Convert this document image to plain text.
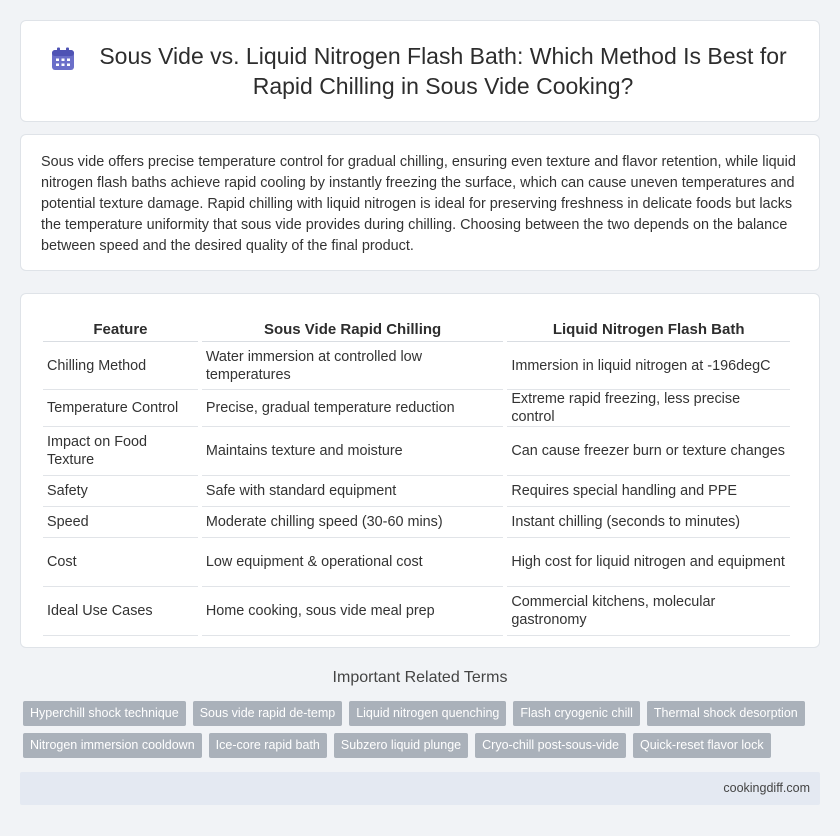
Sous Vide vs. Liquid Nitrogen Flash Bath: Which Method Is Best for Rapid Chilling in Sous Vide Cooking?

Sous vide offers precise temperature control for gradual chilling, ensuring even texture and flavor retention, while liquid nitrogen flash baths achieve rapid cooling by instantly freezing the surface, which can cause uneven temperatures and potential texture damage. Rapid chilling with liquid nitrogen is ideal for preserving freshness in delicate foods but lacks the temperature uniformity that sous vide provides during chilling. Choosing between the two depends on the balance between speed and the desired quality of the final product.

Feature	Sous Vide Rapid Chilling	Liquid Nitrogen Flash Bath
Chilling Method	Water immersion at controlled low temperatures	Immersion in liquid nitrogen at -196degC
Temperature Control	Precise, gradual temperature reduction	Extreme rapid freezing, less precise control
Impact on Food Texture	Maintains texture and moisture	Can cause freezer burn or texture changes
Safety	Safe with standard equipment	Requires special handling and PPE
Speed	Moderate chilling speed (30-60 mins)	Instant chilling (seconds to minutes)
Cost	Low equipment & operational cost	High cost for liquid nitrogen and equipment
Ideal Use Cases	Home cooking, sous vide meal prep	Commercial kitchens, molecular gastronomy
Important Related Terms
Hyperchill shock technique	Sous vide rapid de-temp	Liquid nitrogen quenching	Flash cryogenic chill	Thermal shock desorption
Nitrogen immersion cooldown	Ice-core rapid bath	Subzero liquid plunge	Cryo-chill post-sous-vide	Quick-reset flavor lock
cookingdiff.com
